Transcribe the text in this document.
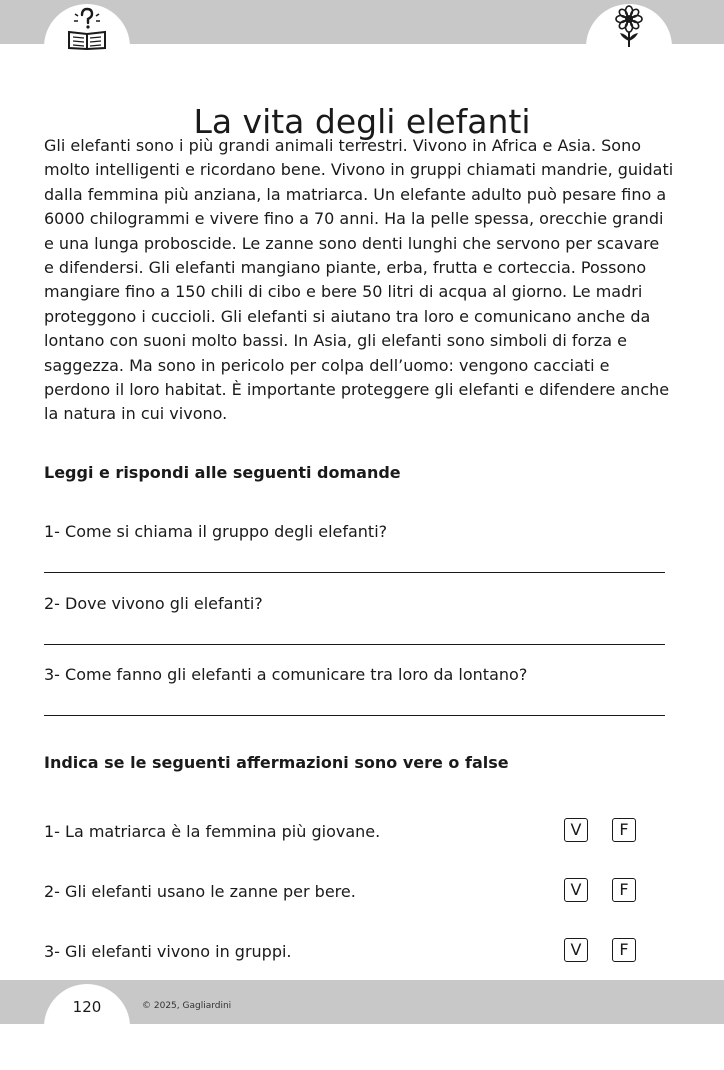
La vita degli elefanti

Gli elefanti sono i più grandi animali terrestri. Vivono in Africa e Asia. Sono molto intelligenti e ricordano bene. Vivono in gruppi chiamati mandrie, guidati dalla femmina più anziana, la matriarca. Un elefante adulto può pesare fino a 6000 chilogrammi e vivere fino a 70 anni. Ha la pelle spessa, orecchie grandi e una lunga proboscide. Le zanne sono denti lunghi che servono per scavare e difendersi. Gli elefanti mangiano piante, erba, frutta e corteccia. Possono mangiare fino a 150 chili di cibo e bere 50 litri di acqua al giorno. Le madri proteggono i cuccioli. Gli elefanti si aiutano tra loro e comunicano anche da lontano con suoni molto bassi. In Asia, gli elefanti sono simboli di forza e saggezza. Ma sono in pericolo per colpa dell’uomo: vengono cacciati e perdono il loro habitat. È importante proteggere gli elefanti e difendere anche la natura in cui vivono.

Leggi e rispondi alle seguenti domande

1- Come si chiama il gruppo degli elefanti?

2- Dove vivono gli elefanti?

3- Come fanno gli elefanti a comunicare tra loro da lontano?

Indica se le seguenti affermazioni sono vere o false

1- La matriarca è la femmina più giovane.	V	F

2- Gli elefanti usano le zanne per bere.	V	F

3- Gli elefanti vivono in gruppi.	V	F
120	© 2025, Gagliardini
